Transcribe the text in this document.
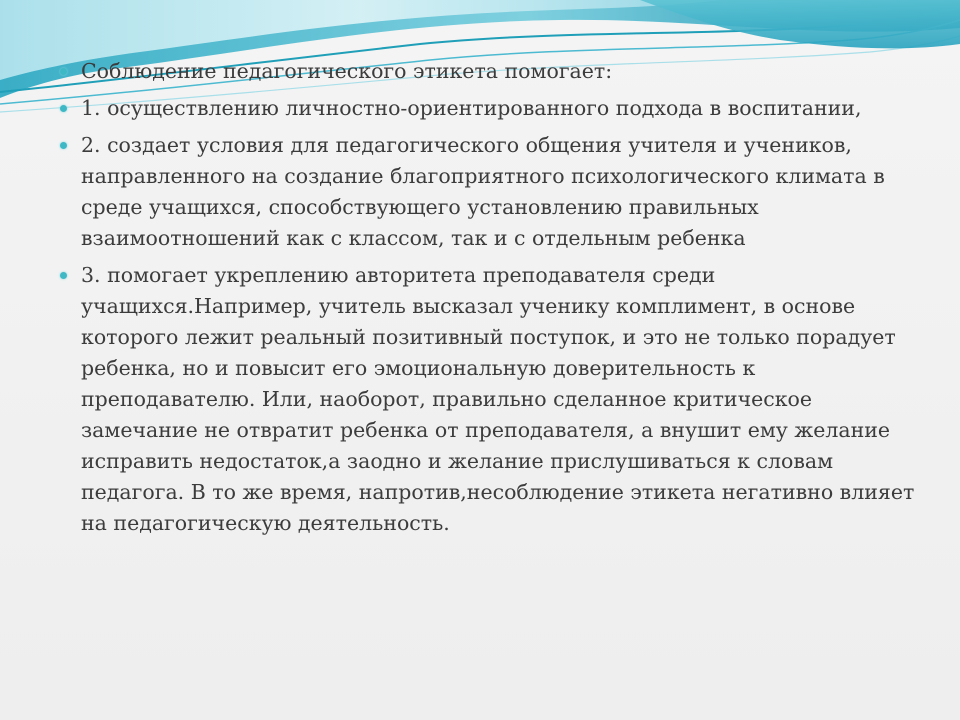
Соблюдение педагогического этикета помогает:
1. осуществлению личностно-ориентированного подхода в воспитании,
2. создает условия для педагогического общения учителя и учеников, направленного на создание благоприятного психологического климата в среде учащихся, способствующего установлению правильных взаимоотношений как с классом, так и с отдельным ребенка
3. помогает укреплению авторитета преподавателя среди учащихся.Например, учитель высказал ученику комплимент, в основе которого лежит реальный позитивный поступок, и это не только порадует ребенка, но и повысит его эмоциональную доверительность к преподавателю. Или, наоборот, правильно сделанное критическое замечание не отвратит ребенка от преподавателя, а внушит ему желание исправить недостаток,а заодно и желание прислушиваться к словам педагога. В то же время, напротив,несоблюдение этикета негативно влияет на педагогическую деятельность.
